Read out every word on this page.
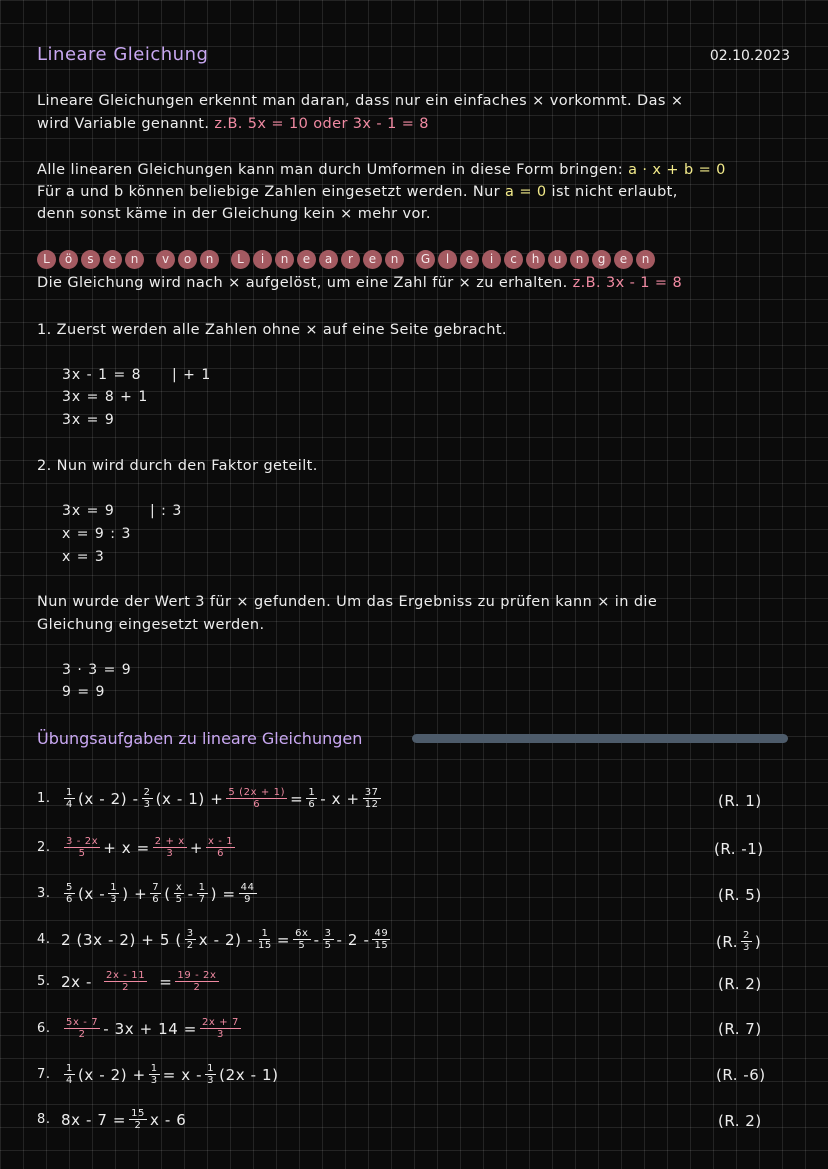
Lineare Gleichung	02.10.2023
Lineare Gleichungen erkennt man daran, dass nur ein einfaches × vorkommt. Das ×
wird Variable genannt. z.B. 5x = 10 oder 3x - 1 = 8
Alle linearen Gleichungen kann man durch Umformen in diese Form bringen: a · x + b = 0
Für a und b können beliebige Zahlen eingesetzt werden. Nur a = 0 ist nicht erlaubt,
denn sonst käme in der Gleichung kein × mehr vor.
L	ö	s	e	n	v	o	n	L	i	n	e	a	r	e	n	G	l	e	i	c	h	u	n	g	e	n
Die Gleichung wird nach × aufgelöst, um eine Zahl für × zu erhalten. z.B. 3x - 1 = 8
1. Zuerst werden alle Zahlen ohne × auf eine Seite gebracht.
3x - 1 = 8 | + 1
3x = 8 + 1
3x = 9
2. Nun wird durch den Faktor geteilt.
3x = 9	| : 3
x = 9 : 3
x = 3
Nun wurde der Wert 3 für × gefunden. Um das Ergebniss zu prüfen kann × in die
Gleichung eingesetzt werden.
3 · 3 = 9
9 = 9
Übungsaufgaben zu lineare Gleichungen
1.	$\frac{1}{4} (x - 2) - \frac{2}{3} (x - 1) + \frac{5 (2x + 1)}{6} = \frac{1}{6} - x + \frac{37}{12}$	(R. 1)
2.	$\frac{3 - 2x}{5} + x = \frac{2 + x}{3} + \frac{x - 1}{6}$	(R. -1)
3.	$\frac{5}{6} (x - \frac{1}{3}$ ) + $\frac{7}{6}$ ( $\frac{x}{5} - \frac{1}{7}$ ) = $\frac{44}{9}$	(R. 5)
4. 2 (3x - 2) + 5 ( $\frac{3}{2}$ $x - 2) - \frac{1}{15} = \frac{6x}{5} - \frac{3}{5} - 2 - \frac{49}{15}$	(R. $\frac{2}{3}$ )
5. $2x - \frac{2x - 11}{2} = \frac{19 - 2x}{2}$	(R. 2)
6.	$\frac{5x - 7}{2} - 3x + 14 = \frac{2x + 7}{3}$	(R. 7)
7.	$\frac{1}{4} (x - 2) + \frac{1}{3} = x - \frac{1}{3} (2x - 1)$	(R. -6)
8. $8x - 7 = \frac{15}{2}$ x - 6	(R. 2)
